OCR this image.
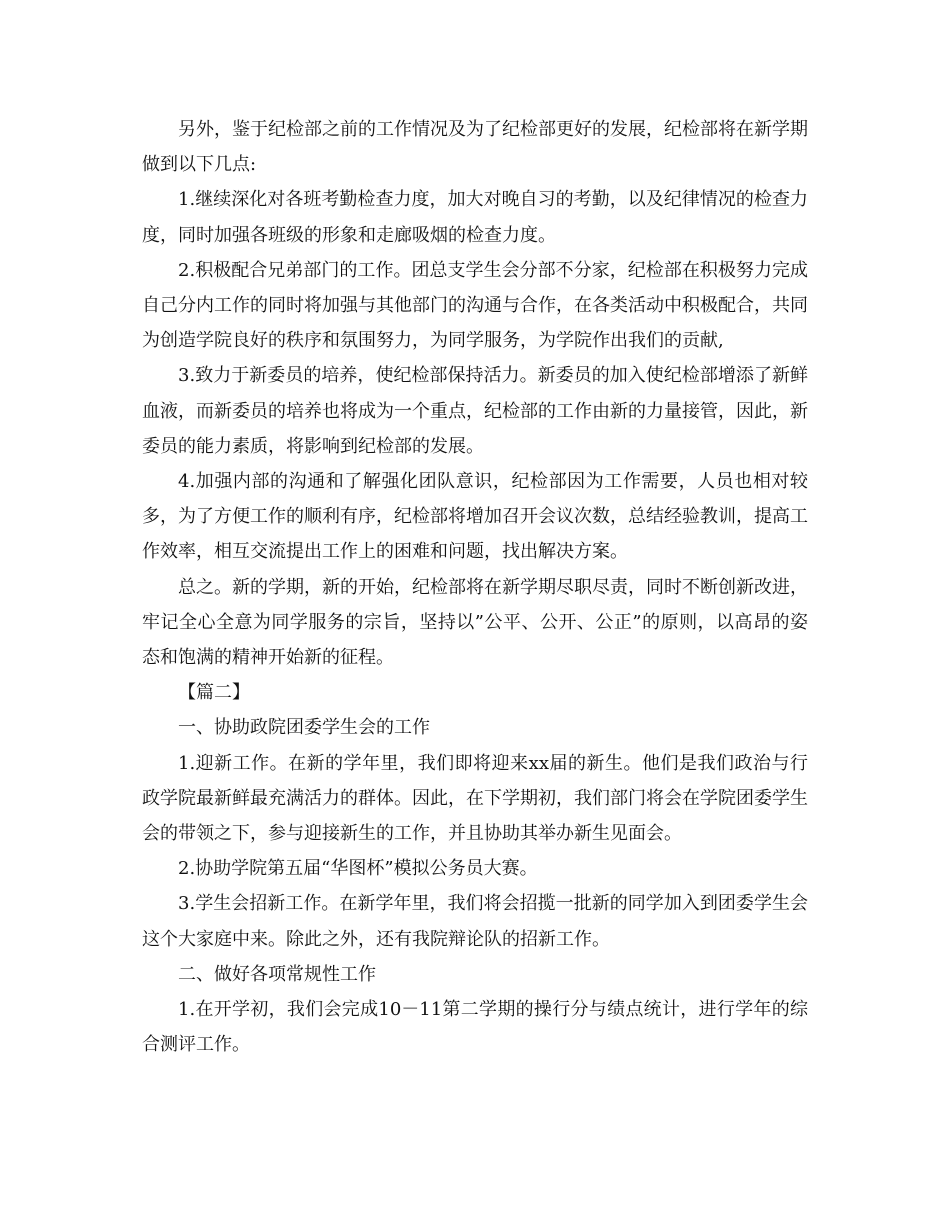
另外，鉴于纪检部之前的工作情况及为了纪检部更好的发展，纪检部将在新学期做到以下几点:

1.继续深化对各班考勤检查力度，加大对晚自习的考勤，以及纪律情况的检查力度，同时加强各班级的形象和走廊吸烟的检查力度。

2.积极配合兄弟部门的工作。团总支学生会分部不分家，纪检部在积极努力完成自己分内工作的同时将加强与其他部门的沟通与合作，在各类活动中积极配合，共同为创造学院良好的秩序和氛围努力，为同学服务，为学院作出我们的贡献,

3.致力于新委员的培养，使纪检部保持活力。新委员的加入使纪检部增添了新鲜血液，而新委员的培养也将成为一个重点，纪检部的工作由新的力量接管，因此，新委员的能力素质，将影响到纪检部的发展。

4.加强内部的沟通和了解强化团队意识，纪检部因为工作需要，人员也相对较多，为了方便工作的顺利有序，纪检部将增加召开会议次数，总结经验教训，提高工作效率，相互交流提出工作上的困难和问题，找出解决方案。

总之。新的学期，新的开始，纪检部将在新学期尽职尽责，同时不断创新改进，牢记全心全意为同学服务的宗旨，坚持以”公平、公开、公正”的原则，以高昂的姿态和饱满的精神开始新的征程。

【篇二】

一、协助政院团委学生会的工作

1.迎新工作。在新的学年里，我们即将迎来xx届的新生。他们是我们政治与行政学院最新鲜最充满活力的群体。因此，在下学期初，我们部门将会在学院团委学生会的带领之下，参与迎接新生的工作，并且协助其举办新生见面会。

2.协助学院第五届“华图杯”模拟公务员大赛。

3.学生会招新工作。在新学年里，我们将会招揽一批新的同学加入到团委学生会这个大家庭中来。除此之外，还有我院辩论队的招新工作。

二、做好各项常规性工作

1.在开学初，我们会完成10－11第二学期的操行分与绩点统计，进行学年的综合测评工作。
